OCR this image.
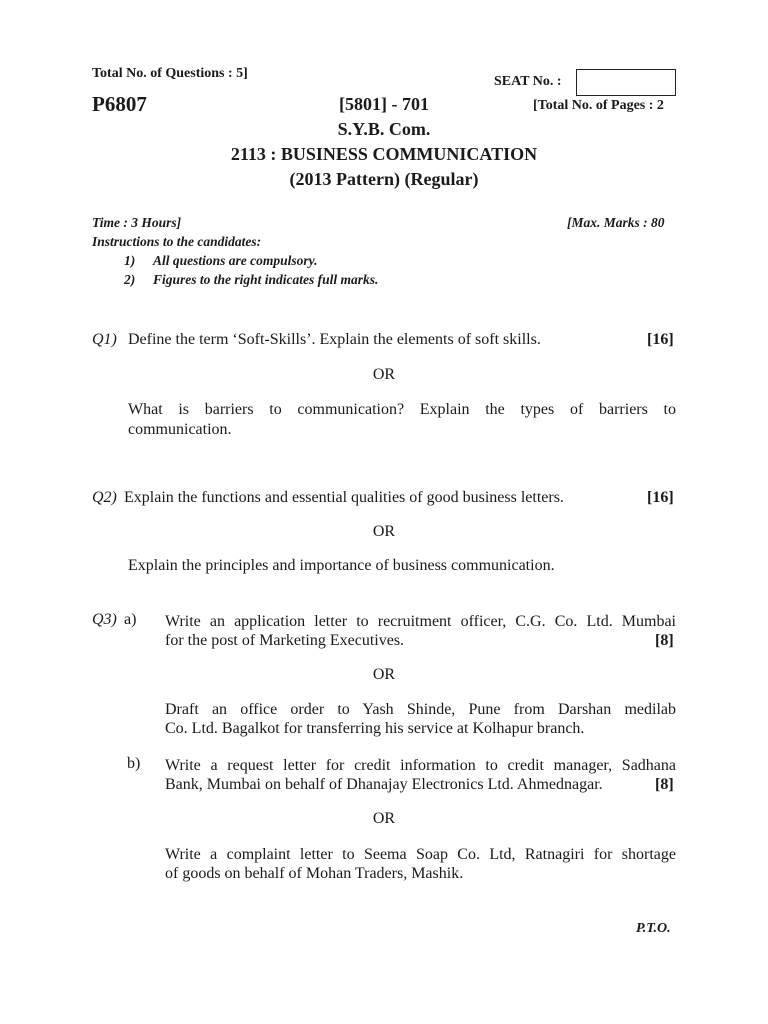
Total No. of Questions : 5]
SEAT No. :
P6807	[5801] - 701	[Total No. of Pages : 2
S.Y.B. Com.
2113 : BUSINESS COMMUNICATION
(2013 Pattern) (Regular)
Time : 3 Hours]	[Max. Marks : 80
Instructions to the candidates:
1) All questions are compulsory.
2) Figures to the right indicates full marks.
Q1) Define the term ‘Soft-Skills’. Explain the elements of soft skills.	[16]
OR
What is barriers to communication? Explain the types of barriers to
communication.
Q2) Explain the functions and essential qualities of good business letters.	[16]
OR
Explain the principles and importance of business communication.
Q3) a) Write an application letter to recruitment officer, C.G. Co. Ltd. Mumbai
for the post of Marketing Executives.	[8]
OR
Draft an office order to Yash Shinde, Pune from Darshan medilab
Co. Ltd. Bagalkot for transferring his service at Kolhapur branch.
b) Write a request letter for credit information to credit manager, Sadhana
Bank, Mumbai on behalf of Dhanajay Electronics Ltd. Ahmednagar.	[8]
OR
Write a complaint letter to Seema Soap Co. Ltd, Ratnagiri for shortage
of goods on behalf of Mohan Traders, Mashik.
P.T.O.
